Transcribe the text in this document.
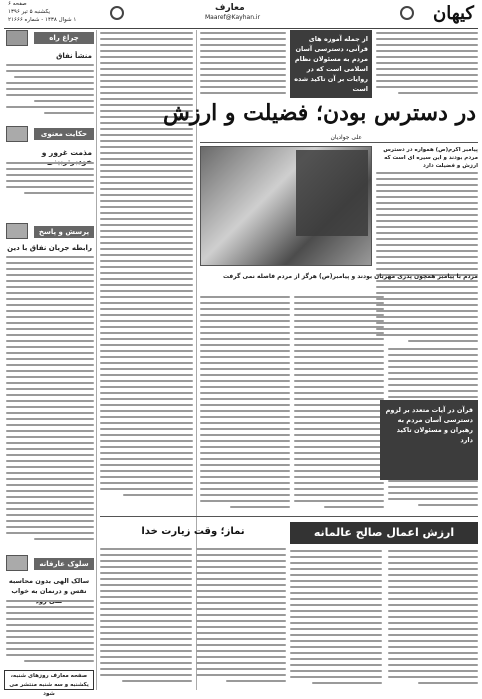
کیهان
معارف
Maaref@Kayhan.ir
صفحه ۶
یکشنبه ۵ تیر ۱۳۹۶
۱ شوال ۱۴۳۸ - شماره ۲۱۶۶۶
چراغ راه
منشأ نفاق
حکایت معنوی
مذمت غرور و
پرسش و پاسخ
رابطه جریان نفاق با دین
سلوک عارفانه
سالک الهی بدون محاسبه نفس و درنمان به خواب
صفحه معارف روزهای شنبه، یکشنبه و سه شنبه منتشر می شود
از جمله آموزه های قرآنی، دسترسی آسان مردم به مسئولان نظام اسلامی است که در روایات بر آن تاکید شده است
در دسترس بودن؛ فضیلت و ارزش
علی جوادیان
پیامبر اکرم(ص) همواره در دسترس مردم بودند و این سیره ای است که ارزش و فضیلت دارد
مردم با پیامبر همچون پدری مهربان بودند و پیامبر(ص) هرگز از مردم فاصله نمی گرفت
قرآن در آیات متعدد بر لزوم دسترسی آسان مردم به رهبران و مسئولان تاکید دارد
ارزش اعمال صالح عالمانه
نماز؛ وقت زیارت خدا
